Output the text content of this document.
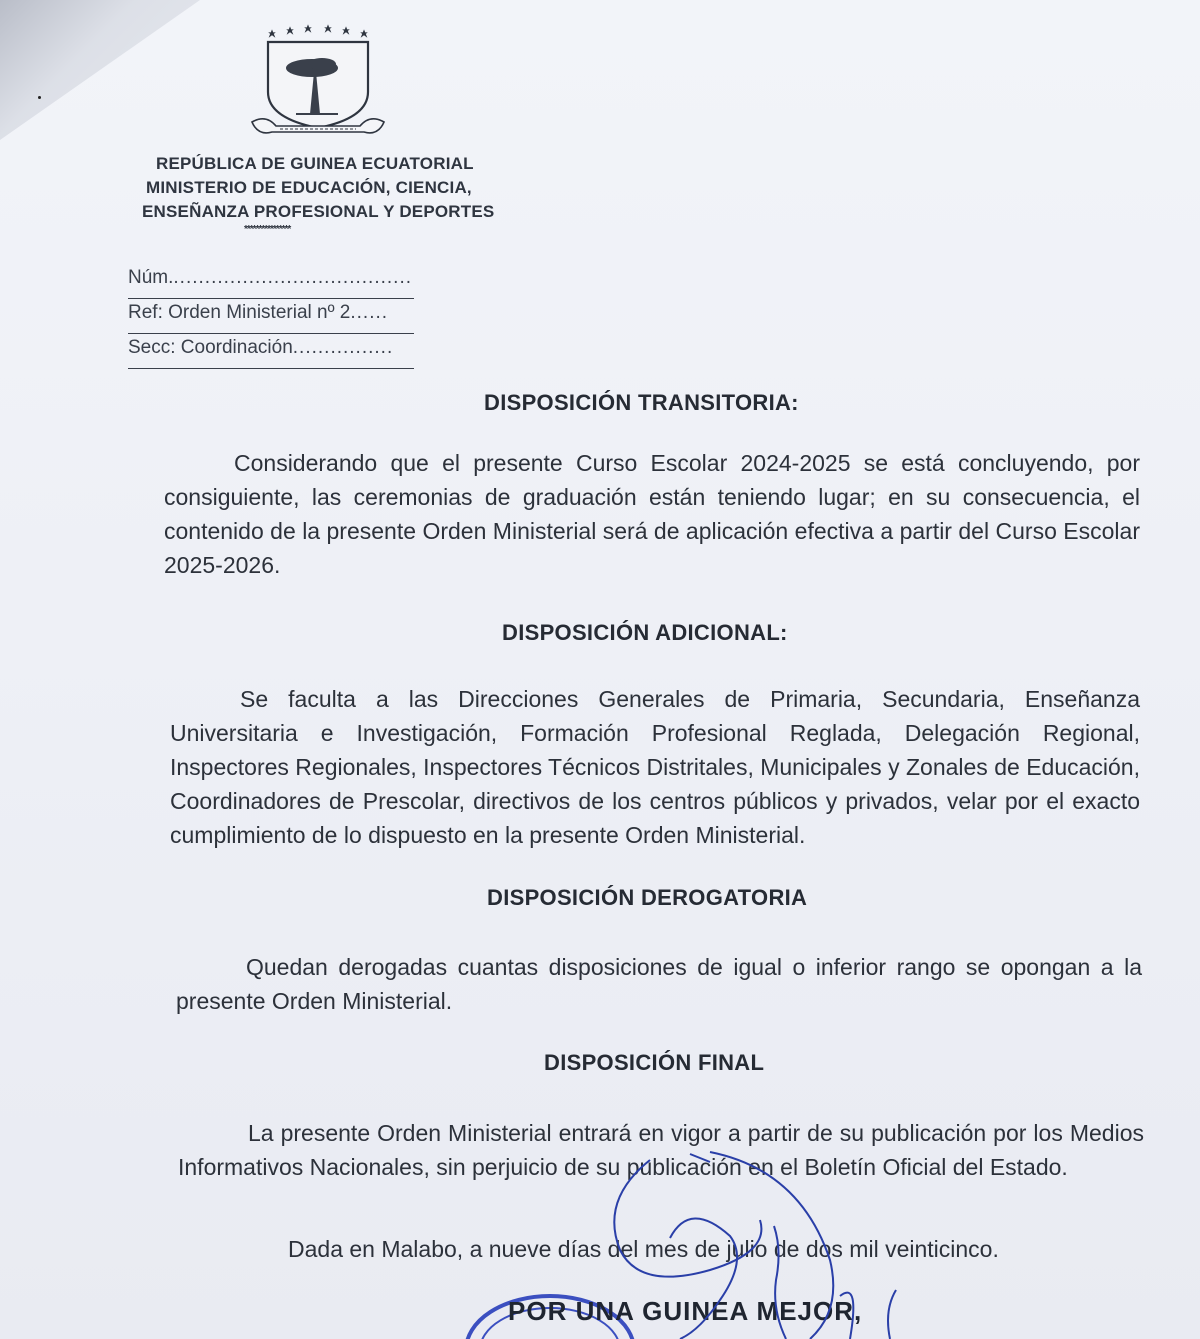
REPÚBLICA DE GUINEA ECUATORIAL
MINISTERIO DE EDUCACIÓN, CIENCIA,
ENSEÑANZA PROFESIONAL Y DEPORTES
****************
Núm.......................................
Ref: Orden Ministerial nº 2......
Secc: Coordinación................
DISPOSICIÓN TRANSITORIA:
Considerando que el presente Curso Escolar 2024-2025 se está concluyendo, por consiguiente, las ceremonias de graduación están teniendo lugar; en su consecuencia, el contenido de la presente Orden Ministerial será de aplicación efectiva a partir del Curso Escolar 2025-2026.
DISPOSICIÓN ADICIONAL:
Se faculta a las Direcciones Generales de Primaria, Secundaria, Enseñanza Universitaria e Investigación, Formación Profesional Reglada, Delegación Regional, Inspectores Regionales, Inspectores Técnicos Distritales, Municipales y Zonales de Educación, Coordinadores de Prescolar, directivos de los centros públicos y privados, velar por el exacto cumplimiento de lo dispuesto en la presente Orden Ministerial.
DISPOSICIÓN DEROGATORIA
Quedan derogadas cuantas disposiciones de igual o inferior rango se opongan a la presente Orden Ministerial.
DISPOSICIÓN FINAL
La presente Orden Ministerial entrará en vigor a partir de su publicación por los Medios Informativos Nacionales, sin perjuicio de su publicación en el Boletín Oficial del Estado.
Dada en Malabo, a nueve días del mes de julio de dos mil veinticinco.
POR UNA GUINEA MEJOR,
